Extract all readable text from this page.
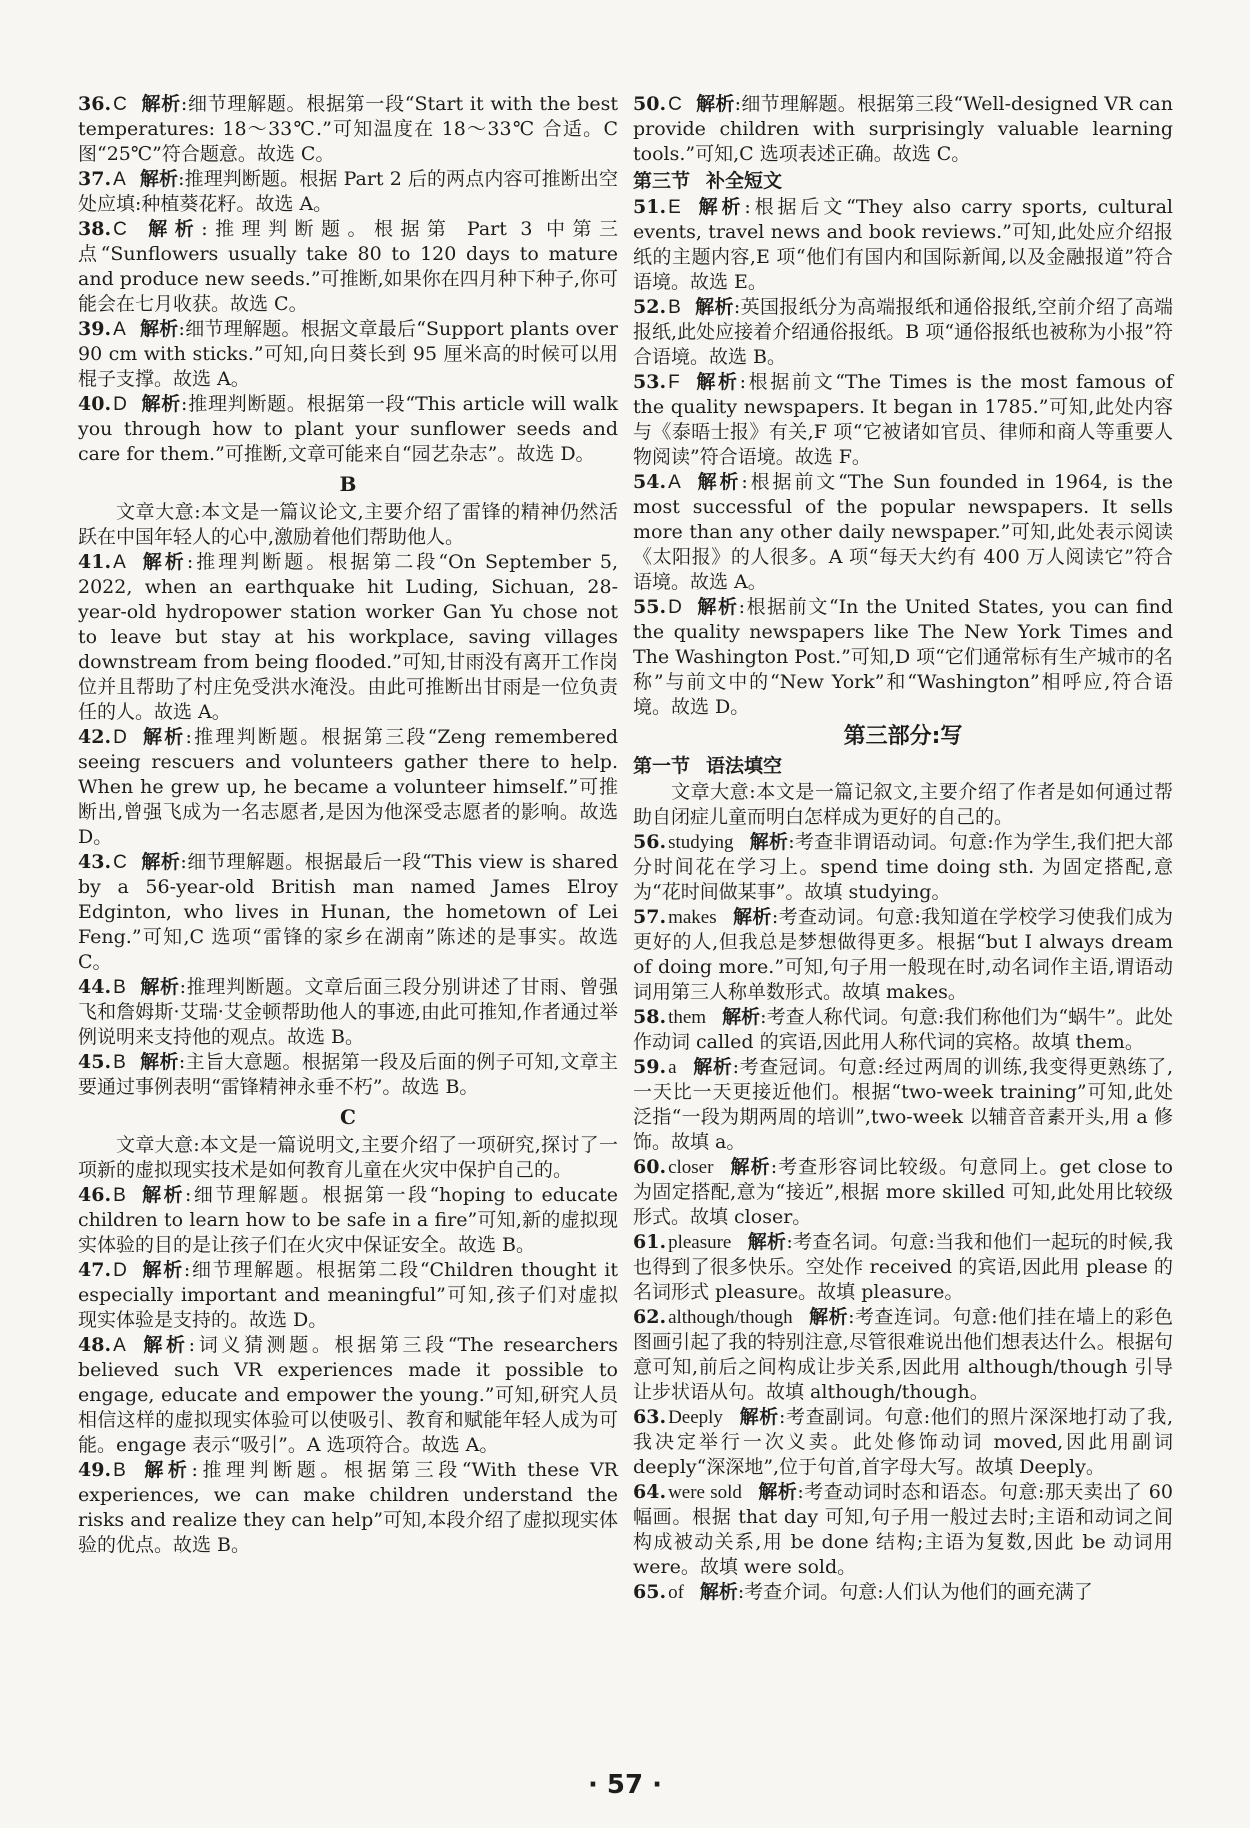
36. C 解析:细节理解题。根据第一段“Start it with the best temperatures: 18～33℃.”可知温度在 18～33℃ 合适。C 图“25℃”符合题意。故选 C。

37. A 解析:推理判断题。根据 Part 2 后的两点内容可推断出空处应填:种植葵花籽。故选 A。

38. C 解析:推理判断题。根据第 Part 3 中第三点“Sunflowers usually take 80 to 120 days to mature and produce new seeds.”可推断,如果你在四月种下种子,你可能会在七月收获。故选 C。

39. A 解析:细节理解题。根据文章最后“Support plants over 90 cm with sticks.”可知,向日葵长到 95 厘米高的时候可以用棍子支撑。故选 A。

40. D 解析:推理判断题。根据第一段“This article will walk you through how to plant your sunflower seeds and care for them.”可推断,文章可能来自“园艺杂志”。故选 D。

B

文章大意:本文是一篇议论文,主要介绍了雷锋的精神仍然活跃在中国年轻人的心中,激励着他们帮助他人。

41. A 解析:推理判断题。根据第二段“On September 5, 2022, when an earthquake hit Luding, Sichuan, 28-year-old hydropower station worker Gan Yu chose not to leave but stay at his workplace, saving villages downstream from being flooded.”可知,甘雨没有离开工作岗位并且帮助了村庄免受洪水淹没。由此可推断出甘雨是一位负责任的人。故选 A。

42. D 解析:推理判断题。根据第三段“Zeng remembered seeing rescuers and volunteers gather there to help. When he grew up, he became a volunteer himself.”可推断出,曾强飞成为一名志愿者,是因为他深受志愿者的影响。故选 D。

43. C 解析:细节理解题。根据最后一段“This view is shared by a 56-year-old British man named James Elroy Edginton, who lives in Hunan, the hometown of Lei Feng.”可知,C 选项“雷锋的家乡在湖南”陈述的是事实。故选 C。

44. B 解析:推理判断题。文章后面三段分别讲述了甘雨、曾强飞和詹姆斯·艾瑞·艾金顿帮助他人的事迹,由此可推知,作者通过举例说明来支持他的观点。故选 B。

45. B 解析:主旨大意题。根据第一段及后面的例子可知,文章主要通过事例表明“雷锋精神永垂不朽”。故选 B。

C

文章大意:本文是一篇说明文,主要介绍了一项研究,探讨了一项新的虚拟现实技术是如何教育儿童在火灾中保护自己的。

46. B 解析:细节理解题。根据第一段“hoping to educate children to learn how to be safe in a fire”可知,新的虚拟现实体验的目的是让孩子们在火灾中保证安全。故选 B。

47. D 解析:细节理解题。根据第二段“Children thought it especially important and meaningful”可知,孩子们对虚拟现实体验是支持的。故选 D。

48. A 解析:词义猜测题。根据第三段“The researchers believed such VR experiences made it possible to engage, educate and empower the young.”可知,研究人员相信这样的虚拟现实体验可以使吸引、教育和赋能年轻人成为可能。engage 表示“吸引”。A 选项符合。故选 A。

49. B 解析:推理判断题。根据第三段“With these VR experiences, we can make children understand the risks and realize they can help”可知,本段介绍了虚拟现实体验的优点。故选 B。

50. C 解析:细节理解题。根据第三段“Well-designed VR can provide children with surprisingly valuable learning tools.”可知,C 选项表述正确。故选 C。

第三节 补全短文

51. E 解析:根据后文“They also carry sports, cultural events, travel news and book reviews.”可知,此处应介绍报纸的主题内容,E 项“他们有国内和国际新闻,以及金融报道”符合语境。故选 E。

52. B 解析:英国报纸分为高端报纸和通俗报纸,空前介绍了高端报纸,此处应接着介绍通俗报纸。B 项“通俗报纸也被称为小报”符合语境。故选 B。

53. F 解析:根据前文“The Times is the most famous of the quality newspapers. It began in 1785.”可知,此处内容与《泰晤士报》有关,F 项“它被诸如官员、律师和商人等重要人物阅读”符合语境。故选 F。

54. A 解析:根据前文“The Sun founded in 1964, is the most successful of the popular newspapers. It sells more than any other daily newspaper.”可知,此处表示阅读《太阳报》的人很多。A 项“每天大约有 400 万人阅读它”符合语境。故选 A。

55. D 解析:根据前文“In the United States, you can find the quality newspapers like The New York Times and The Washington Post.”可知,D 项“它们通常标有生产城市的名称”与前文中的“New York”和“Washington”相呼应,符合语境。故选 D。

第三部分:写
第一节 语法填空

文章大意:本文是一篇记叙文,主要介绍了作者是如何通过帮助自闭症儿童而明白怎样成为更好的自己的。

56. studying 解析:考查非谓语动词。句意:作为学生,我们把大部分时间花在学习上。spend time doing sth. 为固定搭配,意为“花时间做某事”。故填 studying。

57. makes 解析:考查动词。句意:我知道在学校学习使我们成为更好的人,但我总是梦想做得更多。根据“but I always dream of doing more.”可知,句子用一般现在时,动名词作主语,谓语动词用第三人称单数形式。故填 makes。

58. them 解析:考查人称代词。句意:我们称他们为“蜗牛”。此处作动词 called 的宾语,因此用人称代词的宾格。故填 them。

59. a 解析:考查冠词。句意:经过两周的训练,我变得更熟练了,一天比一天更接近他们。根据“two-week training”可知,此处泛指“一段为期两周的培训”,two-week 以辅音音素开头,用 a 修饰。故填 a。

60. closer 解析:考查形容词比较级。句意同上。get close to 为固定搭配,意为“接近”,根据 more skilled 可知,此处用比较级形式。故填 closer。

61. pleasure 解析:考查名词。句意:当我和他们一起玩的时候,我也得到了很多快乐。空处作 received 的宾语,因此用 please 的名词形式 pleasure。故填 pleasure。

62. although/though 解析:考查连词。句意:他们挂在墙上的彩色图画引起了我的特别注意,尽管很难说出他们想表达什么。根据句意可知,前后之间构成让步关系,因此用 although/though 引导让步状语从句。故填 although/though。

63. Deeply 解析:考查副词。句意:他们的照片深深地打动了我,我决定举行一次义卖。此处修饰动词 moved,因此用副词 deeply“深深地”,位于句首,首字母大写。故填 Deeply。

64. were sold 解析:考查动词时态和语态。句意:那天卖出了 60 幅画。根据 that day 可知,句子用一般过去时;主语和动词之间构成被动关系,用 be done 结构;主语为复数,因此 be 动词用 were。故填 were sold。

65. of 解析:考查介词。句意:人们认为他们的画充满了

· 57 ·
